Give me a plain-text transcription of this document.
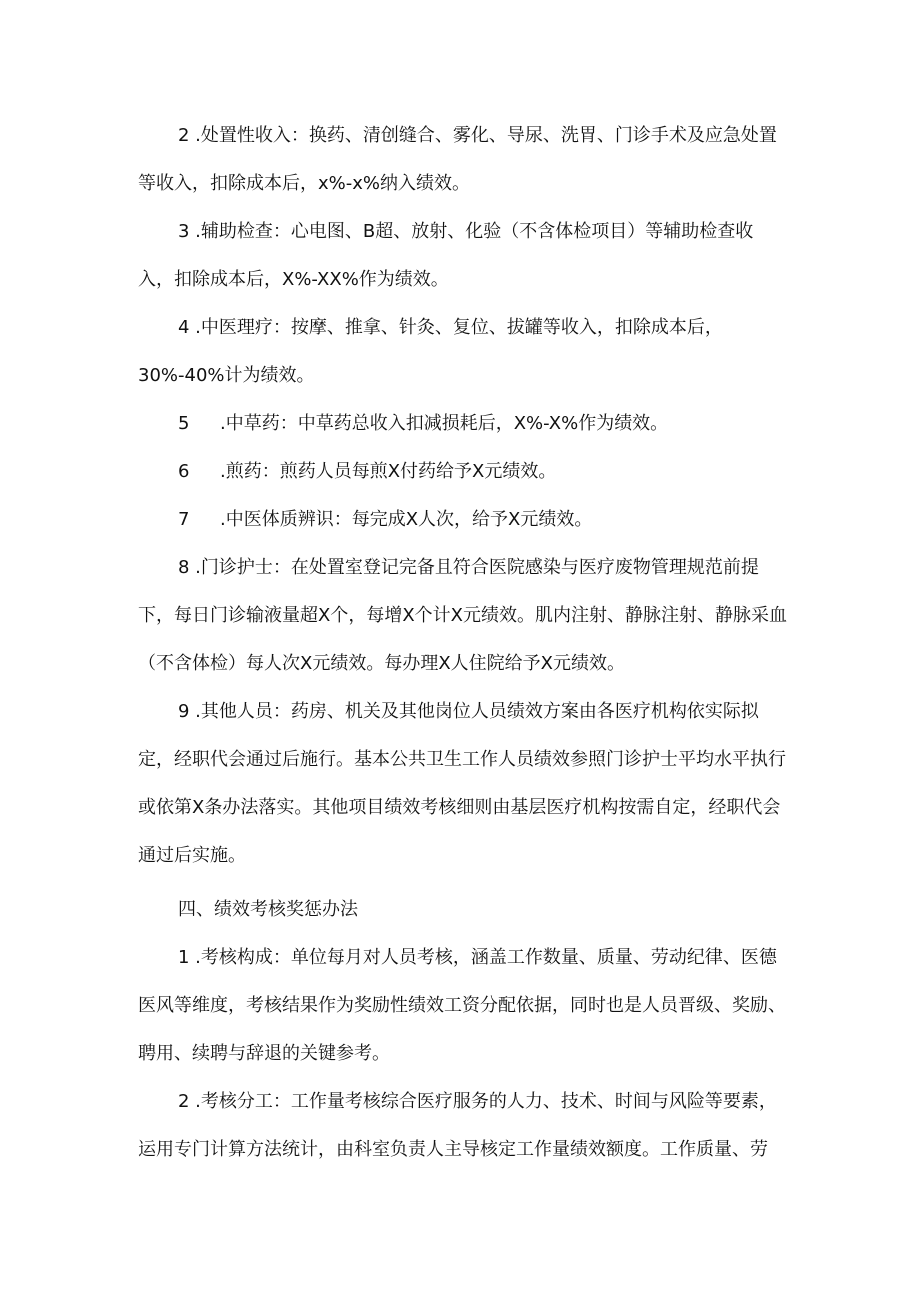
2 .处置性收入：换药、清创缝合、雾化、导尿、洗胃、门诊手术及应急处置等收入，扣除成本后，x%-x%纳入绩效。

3 .辅助检查：心电图、B超、放射、化验（不含体检项目）等辅助检查收入，扣除成本后，X%-XX%作为绩效。

4 .中医理疗：按摩、推拿、针灸、复位、拔罐等收入，扣除成本后，30%-40%计为绩效。

5 .中草药：中草药总收入扣减损耗后，X%-X%作为绩效。
6 .煎药：煎药人员每煎X付药给予X元绩效。
7 .中医体质辨识：每完成X人次，给予X元绩效。

8 .门诊护士：在处置室登记完备且符合医院感染与医疗废物管理规范前提下，每日门诊输液量超X个，每增X个计X元绩效。肌内注射、静脉注射、静脉采血（不含体检）每人次X元绩效。每办理X人住院给予X元绩效。

9 .其他人员：药房、机关及其他岗位人员绩效方案由各医疗机构依实际拟定，经职代会通过后施行。基本公共卫生工作人员绩效参照门诊护士平均水平执行或依第X条办法落实。其他项目绩效考核细则由基层医疗机构按需自定，经职代会通过后实施。

四、绩效考核奖惩办法

1 .考核构成：单位每月对人员考核，涵盖工作数量、质量、劳动纪律、医德医风等维度，考核结果作为奖励性绩效工资分配依据，同时也是人员晋级、奖励、聘用、续聘与辞退的关键参考。

2 .考核分工：工作量考核综合医疗服务的人力、技术、时间与风险等要素，运用专门计算方法统计，由科室负责人主导核定工作量绩效额度。工作质量、劳
